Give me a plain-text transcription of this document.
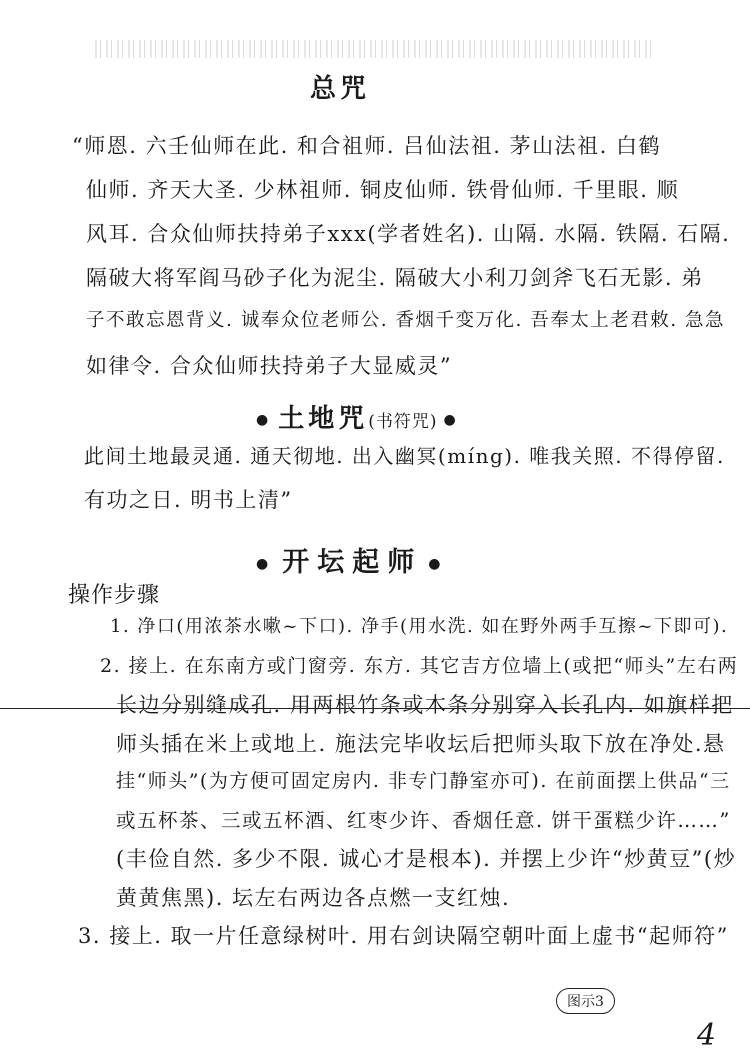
总咒
“师恩. 六壬仙师在此. 和合祖师. 吕仙法祖. 茅山法祖. 白鹤
仙师. 齐天大圣. 少林祖师. 铜皮仙师. 铁骨仙师. 千里眼. 顺
风耳. 合众仙师扶持弟子xxx(学者姓名). 山隔. 水隔. 铁隔. 石隔.
隔破大将军阎马砂子化为泥尘. 隔破大小利刀剑斧飞石无影. 弟
子不敢忘恩背义. 诚奉众位老师公. 香烟千变万化. 吾奉太上老君敕. 急急
如律令. 合众仙师扶持弟子大显威灵”
● 土地咒(书符咒) ●
此间土地最灵通. 通天彻地. 出入幽冥(míng). 唯我关照. 不得停留.
有功之日. 明书上清”
● 开坛起师 ●
操作步骤
1. 净口(用浓茶水嗽~下口). 净手(用水洗. 如在野外两手互擦~下即可).
2. 接上. 在东南方或门窗旁. 东方. 其它吉方位墙上(或把“师头”左右两
长边分别缝成孔. 用两根竹条或木条分别穿入长孔内. 如旗样把
师头插在米上或地上. 施法完毕收坛后把师头取下放在净处.悬
挂“师头”(为方便可固定房内. 非专门静室亦可). 在前面摆上供品“三
或五杯茶、三或五杯酒、红枣少许、香烟任意. 饼干蛋糕少许……”
(丰俭自然. 多少不限. 诚心才是根本). 并摆上少许“炒黄豆”(炒
黄黄焦黑). 坛左右两边各点燃一支红烛.
3. 接上. 取一片任意绿树叶. 用右剑诀隔空朝叶面上虚书“起师符”
图示3
4
